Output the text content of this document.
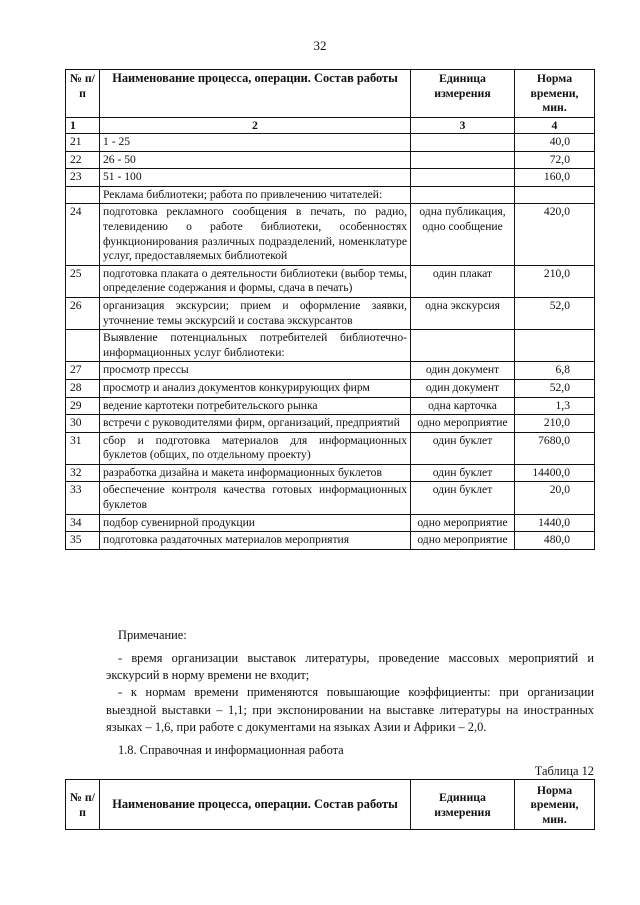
32
№ п/п	Наименование процесса, операции. Состав работы	Единица измерения	Норма времени, мин.
1	2	3	4
21	1 - 25		40,0
22	26 - 50		72,0
23	51 - 100		160,0
	Реклама библиотеки; работа по привлечению читателей:		
24	подготовка рекламного сообщения в печать, по радио, телевидению о работе библиотеки, особенностях функционирования различных подразделений, номенклатуре услуг, предоставляемых библиотекой	одна публикация, одно сообщение	420,0
25	подготовка плаката о деятельности библиотеки (выбор темы, определение содержания и формы, сдача в печать)	один плакат	210,0
26	организация экскурсии; прием и оформление заявки, уточнение темы экскурсий и состава экскурсантов	одна экскурсия	52,0
	Выявление потенциальных потребителей библиотечно-информационных услуг библиотеки:		
27	просмотр прессы	один документ	6,8
28	просмотр и анализ документов конкурирующих фирм	один документ	52,0
29	ведение картотеки потребительского рынка	одна карточка	1,3
30	встречи с руководителями фирм, организаций, предприятий	одно мероприятие	210,0
31	сбор и подготовка материалов для информационных буклетов (общих, по отдельному проекту)	один буклет	7680,0
32	разработка дизайна и макета информационных буклетов	один буклет	14400,0
33	обеспечение контроля качества готовых информационных буклетов	один буклет	20,0
34	подбор сувенирной продукции	одно мероприятие	1440,0
35	подготовка раздаточных материалов мероприятия	одно мероприятие	480,0
Примечание:

- время организации выставок литературы, проведение массовых мероприятий и экскурсий в норму времени не входит;

- к нормам времени применяются повышающие коэффициенты: при организации выездной выставки – 1,1; при экспонировании на выставке литературы на иностранных языках – 1,6, при работе с документами на языках Азии и Африки – 2,0.

1.8. Справочная и информационная работа
Таблица 12
№ п/п	Наименование процесса, операции. Состав работы	Единица измерения	Норма времени, мин.
